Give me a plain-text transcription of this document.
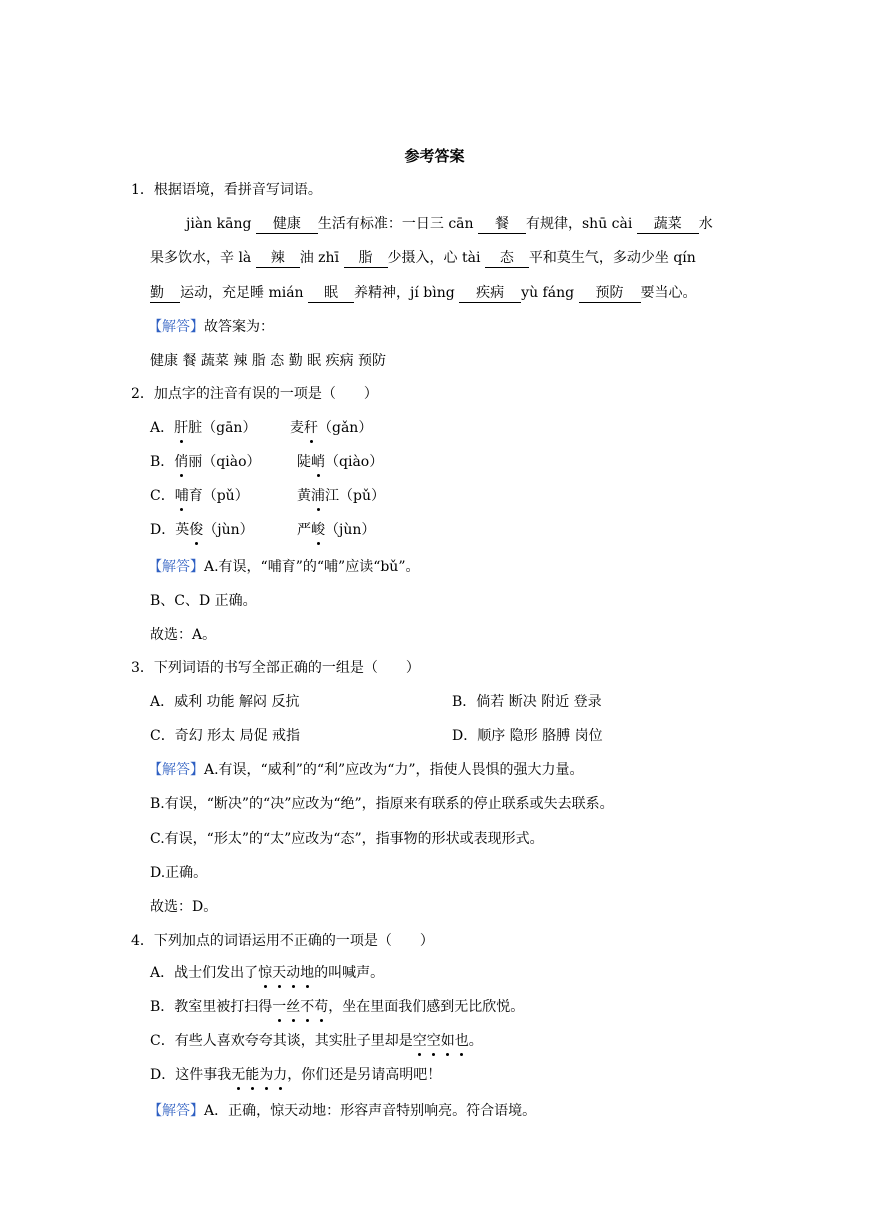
参考答案
1．根据语境，看拼音写词语。
jiàn kāng 健康 生活有标准：一日三 cān 餐 有规律，shū cài 蔬菜 水
果多饮水，辛 là 辣 油 zhī 脂 少摄入，心 tài 态 平和莫生气，多动少坐 qín
勤 运动，充足睡 mián 眠 养精神，jí bìng 疾病 yù fáng 预防 要当心。
【解答】故答案为：
健康 餐 蔬菜 辣 脂 态 勤 眠 疾病 预防
2．加点字的注音有误的一项是（　　）
A．肝脏（gān） 麦秆（gǎn）
B．俏丽（qiào）	陡峭（qiào）
C．哺育（pǔ）	黄浦江（pǔ）
D．英俊（jùn）	严峻（jùn）
【解答】A.有误，“哺育”的“哺”应读“bǔ”。
B、C、D 正确。
故选：A。
3．下列词语的书写全部正确的一组是（　　）
A．威利 功能 解闷 反抗	B．倘若 断决 附近 登录
C．奇幻 形太 局促 戒指	D．顺序 隐形 胳膊 岗位
【解答】A.有误，“威利”的“利”应改为“力”，指使人畏惧的强大力量。
B.有误，“断决”的“决”应改为“绝”，指原来有联系的停止联系或失去联系。
C.有误，“形太”的“太”应改为“态”，指事物的形状或表现形式。
D.正确。
故选：D。
4．下列加点的词语运用不正确的一项是（　　）
A．战士们发出了惊天动地的叫喊声。
B．教室里被打扫得一丝不苟，坐在里面我们感到无比欣悦。
C．有些人喜欢夸夸其谈，其实肚子里却是空空如也。
D．这件事我无能为力，你们还是另请高明吧！
【解答】A．正确，惊天动地：形容声音特别响亮。符合语境。
